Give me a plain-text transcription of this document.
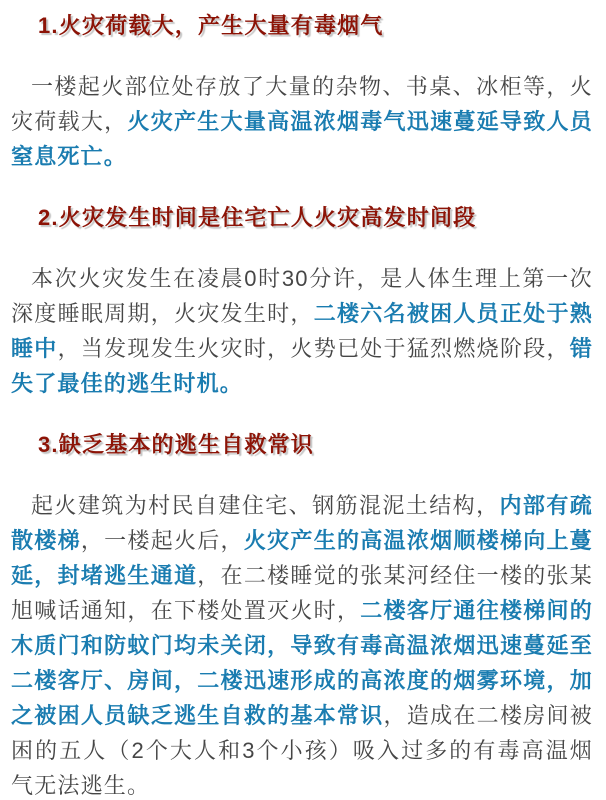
1.火灾荷载大，产生大量有毒烟气

一楼起火部位处存放了大量的杂物、书桌、冰柜等，火灾荷载大，火灾产生大量高温浓烟毒气迅速蔓延导致人员窒息死亡。

2.火灾发生时间是住宅亡人火灾高发时间段

本次火灾发生在凌晨0时30分许，是人体生理上第一次深度睡眠周期，火灾发生时，二楼六名被困人员正处于熟睡中，当发现发生火灾时，火势已处于猛烈燃烧阶段，错失了最佳的逃生时机。

3.缺乏基本的逃生自救常识

起火建筑为村民自建住宅、钢筋混泥土结构，内部有疏散楼梯，一楼起火后，火灾产生的高温浓烟顺楼梯向上蔓延，封堵逃生通道，在二楼睡觉的张某河经住一楼的张某旭喊话通知，在下楼处置灭火时，二楼客厅通往楼梯间的木质门和防蚊门均未关闭，导致有毒高温浓烟迅速蔓延至二楼客厅、房间，二楼迅速形成的高浓度的烟雾环境，加之被困人员缺乏逃生自救的基本常识，造成在二楼房间被困的五人（2个大人和3个小孩）吸入过多的有毒高温烟气无法逃生。
